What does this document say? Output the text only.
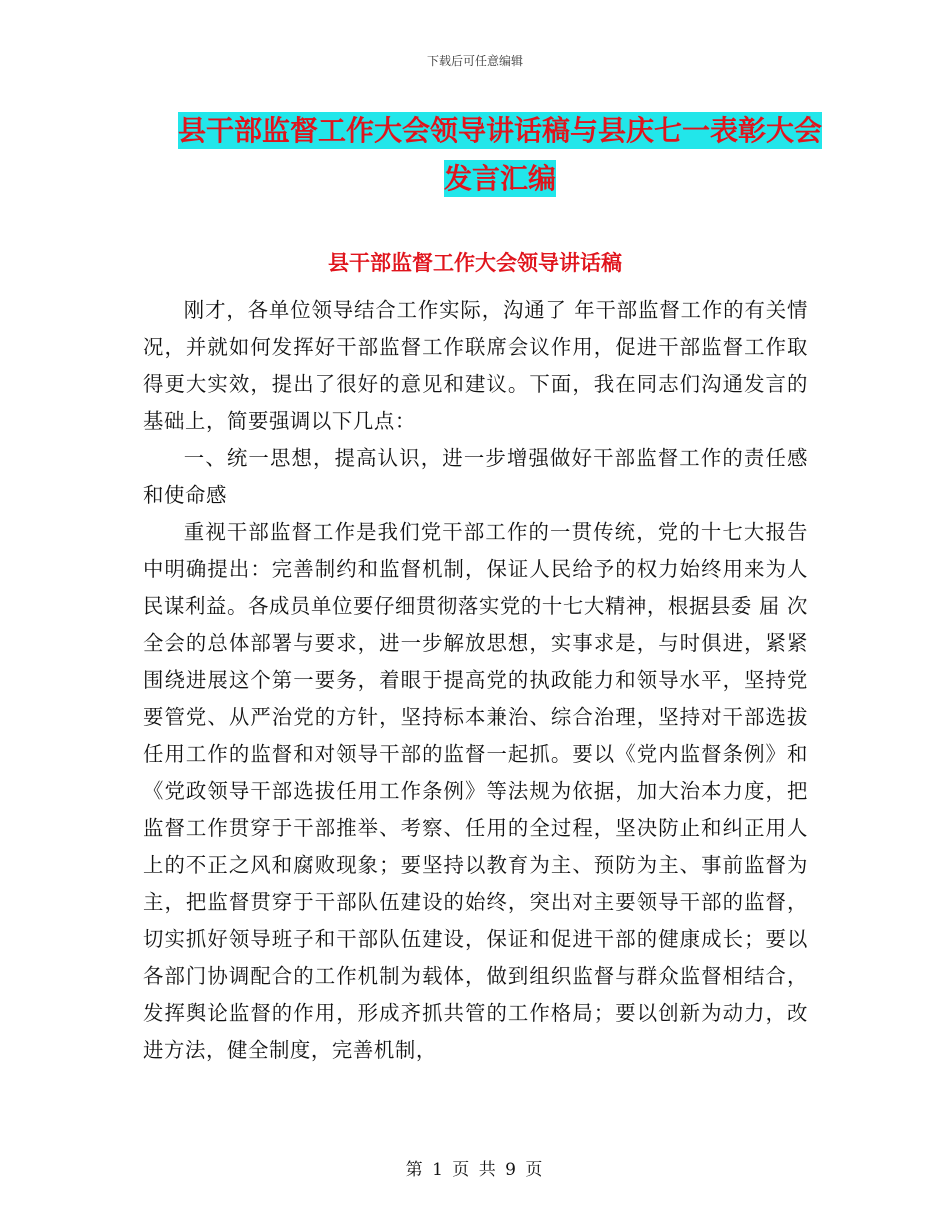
下载后可任意编辑
县干部监督工作大会领导讲话稿与县庆七一表彰大会
发言汇编
县干部监督工作大会领导讲话稿

刚才，各单位领导结合工作实际，沟通了 年干部监督工作的有关情况，并就如何发挥好干部监督工作联席会议作用，促进干部监督工作取得更大实效，提出了很好的意见和建议。下面，我在同志们沟通发言的基础上，简要强调以下几点：

一、统一思想，提高认识，进一步增强做好干部监督工作的责任感和使命感

重视干部监督工作是我们党干部工作的一贯传统，党的十七大报告中明确提出：完善制约和监督机制，保证人民给予的权力始终用来为人民谋利益。各成员单位要仔细贯彻落实党的十七大精神，根据县委 届 次全会的总体部署与要求，进一步解放思想，实事求是，与时俱进，紧紧围绕进展这个第一要务，着眼于提高党的执政能力和领导水平，坚持党要管党、从严治党的方针，坚持标本兼治、综合治理，坚持对干部选拔任用工作的监督和对领导干部的监督一起抓。要以《党内监督条例》和《党政领导干部选拔任用工作条例》等法规为依据，加大治本力度，把监督工作贯穿于干部推举、考察、任用的全过程，坚决防止和纠正用人上的不正之风和腐败现象；要坚持以教育为主、预防为主、事前监督为主，把监督贯穿于干部队伍建设的始终，突出对主要领导干部的监督，切实抓好领导班子和干部队伍建设，保证和促进干部的健康成长；要以各部门协调配合的工作机制为载体，做到组织监督与群众监督相结合，发挥舆论监督的作用，形成齐抓共管的工作格局；要以创新为动力，改进方法，健全制度，完善机制，

第 1 页 共 9 页
